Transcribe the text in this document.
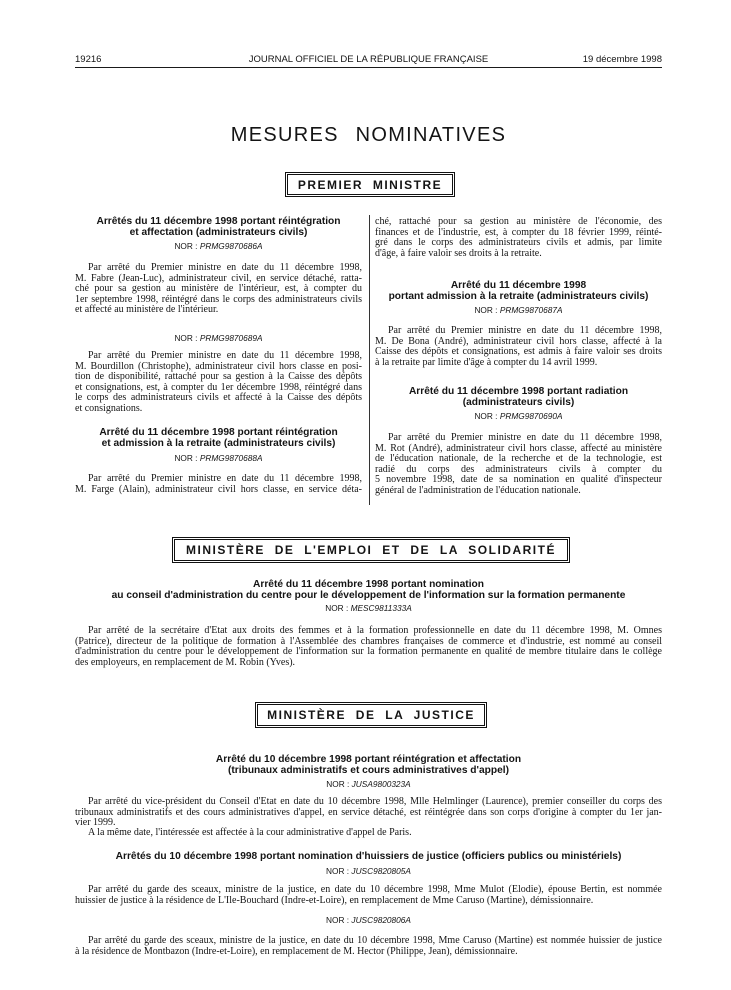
19216	JOURNAL OFFICIEL DE LA RÉPUBLIQUE FRANÇAISE	19 décembre 1998
MESURES NOMINATIVES
PREMIER MINISTRE
Arrêtés du 11 décembre 1998 portant réintégration
et affectation (administrateurs civils)
NOR : PRMG9870686A
Par arrêté du Premier ministre en date du 11 décembre 1998,
M. Fabre (Jean-Luc), administrateur civil, en service détaché, ratta-
ché pour sa gestion au ministère de l'intérieur, est, à compter du
1er septembre 1998, réintégré dans le corps des administrateurs civils
et affecté au ministère de l'intérieur.
NOR : PRMG9870689A
Par arrêté du Premier ministre en date du 11 décembre 1998,
M. Bourdillon (Christophe), administrateur civil hors classe en posi-
tion de disponibilité, rattaché pour sa gestion à la Caisse des dépôts
et consignations, est, à compter du 1er décembre 1998, réintégré dans
le corps des administrateurs civils et affecté à la Caisse des dépôts
et consignations.
Arrêté du 11 décembre 1998 portant réintégration
et admission à la retraite (administrateurs civils)
NOR : PRMG9870688A
Par arrêté du Premier ministre en date du 11 décembre 1998,
M. Farge (Alain), administrateur civil hors classe, en service déta-
ché, rattaché pour sa gestion au ministère de l'économie, des
finances et de l'industrie, est, à compter du 18 février 1999, réinté-
gré dans le corps des administrateurs civils et admis, par limite
d'âge, à faire valoir ses droits à la retraite.
Arrêté du 11 décembre 1998
portant admission à la retraite (administrateurs civils)
NOR : PRMG9870687A
Par arrêté du Premier ministre en date du 11 décembre 1998,
M. De Bona (André), administrateur civil hors classe, affecté à la
Caisse des dépôts et consignations, est admis à faire valoir ses droits
à la retraite par limite d'âge à compter du 14 avril 1999.
Arrêté du 11 décembre 1998 portant radiation
(administrateurs civils)
NOR : PRMG9870690A
Par arrêté du Premier ministre en date du 11 décembre 1998,
M. Rot (André), administrateur civil hors classe, affecté au ministère
de l'éducation nationale, de la recherche et de la technologie, est
radié du corps des administrateurs civils à compter du
5 novembre 1998, date de sa nomination en qualité d'inspecteur
général de l'administration de l'éducation nationale.
MINISTÈRE DE L'EMPLOI ET DE LA SOLIDARITÉ
Arrêté du 11 décembre 1998 portant nomination
au conseil d'administration du centre pour le développement de l'information sur la formation permanente
NOR : MESC9811333A
Par arrêté de la secrétaire d'Etat aux droits des femmes et à la formation professionnelle en date du 11 décembre 1998, M. Omnes
(Patrice), directeur de la politique de formation à l'Assemblée des chambres françaises de commerce et d'industrie, est nommé au conseil
d'administration du centre pour le développement de l'information sur la formation permanente en qualité de membre titulaire dans le collège
des employeurs, en remplacement de M. Robin (Yves).
MINISTÈRE DE LA JUSTICE
Arrêté du 10 décembre 1998 portant réintégration et affectation
(tribunaux administratifs et cours administratives d'appel)
NOR : JUSA9800323A
Par arrêté du vice-président du Conseil d'Etat en date du 10 décembre 1998, Mlle Helmlinger (Laurence), premier conseiller du corps des
tribunaux administratifs et des cours administratives d'appel, en service détaché, est réintégrée dans son corps d'origine à compter du 1er jan-
vier 1999.
A la même date, l'intéressée est affectée à la cour administrative d'appel de Paris.
Arrêtés du 10 décembre 1998 portant nomination d'huissiers de justice (officiers publics ou ministériels)
NOR : JUSC9820805A
Par arrêté du garde des sceaux, ministre de la justice, en date du 10 décembre 1998, Mme Mulot (Elodie), épouse Bertin, est nommée
huissier de justice à la résidence de L'Ile-Bouchard (Indre-et-Loire), en remplacement de Mme Caruso (Martine), démissionnaire.
NOR : JUSC9820806A
Par arrêté du garde des sceaux, ministre de la justice, en date du 10 décembre 1998, Mme Caruso (Martine) est nommée huissier de justice
à la résidence de Montbazon (Indre-et-Loire), en remplacement de M. Hector (Philippe, Jean), démissionnaire.
